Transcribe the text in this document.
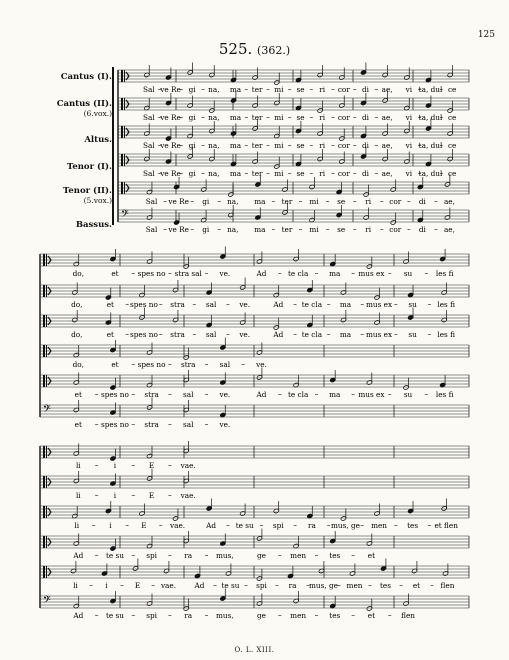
125
525. (362.)
Cantus (I).
Cantus (II).
(6.vox.)
Altus.
Tenor (I).
Tenor (II).
(5.vox.)
Bassus.
Sal ve Re gi na, ma ter mi se ri cor di ae, vi ta, dul ce
Sal ve Re gi na, ma ter mi se ri cor di ae, vi ta, dul ce
Sal ve Re gi na, ma ter mi se ri cor di ae, vi ta, dul ce
Sal ve Re gi na, ma ter mi se ri cor di ae, vi ta, dul ce
Sal ve Re gi na, ma ter mi	se	ri cor di ae,
𝄢
Sal ve Re gi na, ma ter mi	se	ri cor di ae,
do,	et	spes no stra sal ve.	Ad	te cla	ma mus ex	su	les fi
do,	et spes no stra	sal	ve.	Ad	te cla ma mus ex su	les fi
do,	et spes no stra	sal	ve.	Ad	te cla ma mus ex su	les fi
do,	et	spes no stra	sal	ve.
et	spes no stra	sal	ve.	Ad	te cla	ma mus ex	su	les fi
𝄢
et	spes no stra	sal	ve.
li	i	E	vae.
li	i	E	vae.
li	i	E	vae.	Ad	te su	spi	ra mus, ge men	tes et flen
Ad	te su	spi	ra	mus,	ge	men	tes	et
li	i	E	vae.	Ad te su spi	ra mus, ge men tes	et	flen
𝄢
Ad	te su	spi	ra	mus,	ge	men	tes	et	flen
O. L. XIII.
